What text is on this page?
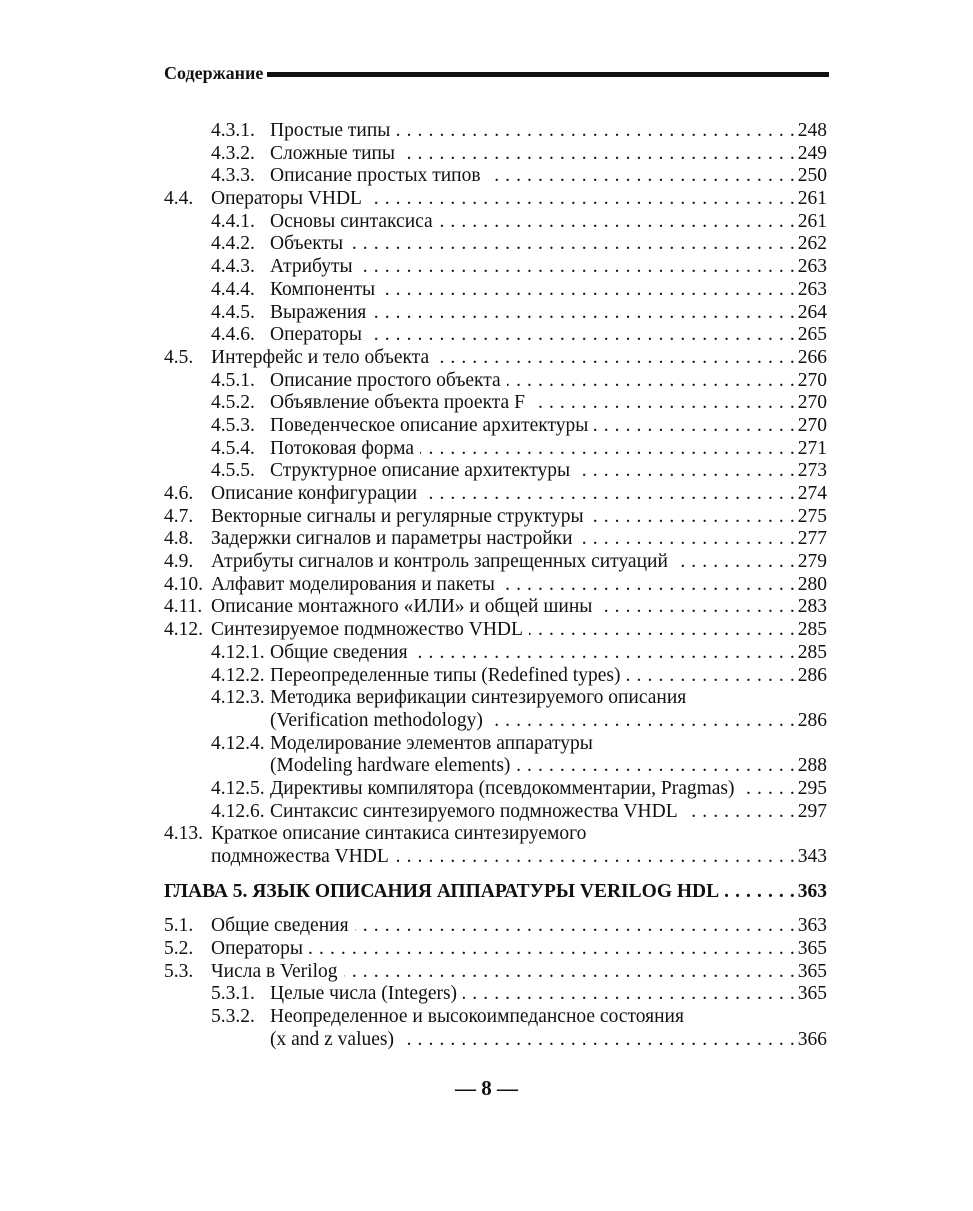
Содержание
4.3.1. Простые типы . . .	248
4.3.2. Сложные типы . . .	249
4.3.3. Описание простых типов . . .	250
4.4. Операторы VHDL . . .	261
4.4.1. Основы синтаксиса . . .	261
4.4.2. Объекты . . .	262
4.4.3. Атрибуты . . .	263
4.4.4. Компоненты . . .	263
4.4.5. Выражения . . .	264
4.4.6. Операторы . . .	265
4.5. Интерфейс и тело объекта . . .	266
4.5.1. Описание простого объекта . . .	270
4.5.2. Объявление объекта проекта F . . .	270
4.5.3. Поведенческое описание архитектуры . . .	270
4.5.4. Потоковая форма . . .	271
4.5.5. Структурное описание архитектуры . . .	273
4.6. Описание конфигурации . . .	274
4.7. Векторные сигналы и регулярные структуры . . .	275
4.8. Задержки сигналов и параметры настройки . . .	277
4.9. Атрибуты сигналов и контроль запрещенных ситуаций . . .	279
4.10. Алфавит моделирования и пакеты . . .	280
4.11. Описание монтажного «ИЛИ» и общей шины . . .	283
4.12. Синтезируемое подмножество VHDL . . .	285
4.12.1. Общие сведения . . .	285
4.12.2. Переопределенные типы (Redefined types) . . .	286
4.12.3. Методика верификации синтезируемого описания
(Verification methodology) . . .	286
4.12.4. Моделирование элементов аппаратуры
(Modeling hardware elements) . . .	288
4.12.5. Директивы компилятора (псевдокомментарии, Pragmas) . . .	295
4.12.6. Синтаксис синтезируемого подмножества VHDL . . .	297
4.13. Краткое описание синтакиса синтезируемого
подмножества VHDL . . .	343
ГЛАВА 5. ЯЗЫК ОПИСАНИЯ АППАРАТУРЫ VERILOG HDL . . .	363
5.1. Общие сведения . . .	363
5.2. Операторы . . .	365
5.3. Числа в Verilog . . .	365
5.3.1. Целые числа (Integers) . . .	365
5.3.2. Неопределенное и высокоимпедансное состояния
(x and z values) . . .	366
— 8 —
